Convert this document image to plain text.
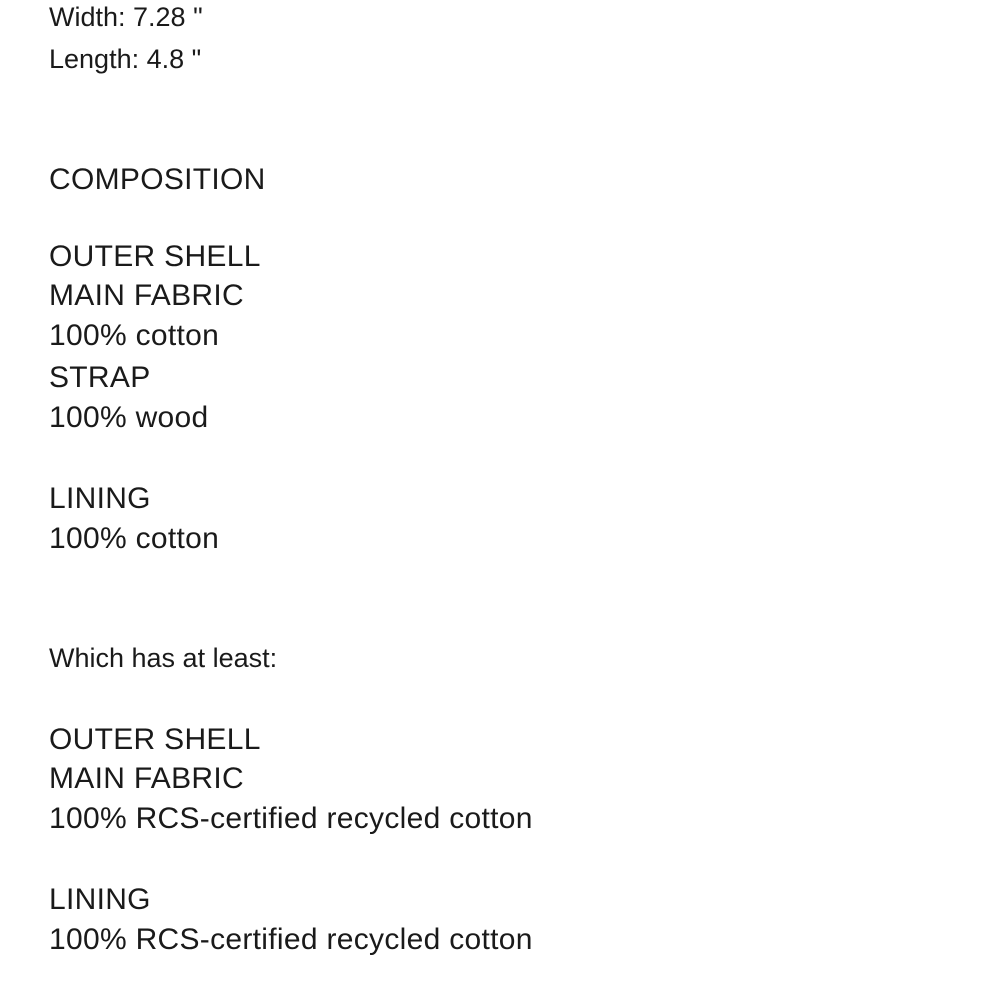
Width: 7.28 "
Length: 4.8 "
COMPOSITION
OUTER SHELL
MAIN FABRIC
100% cotton
STRAP
100% wood
LINING
100% cotton
Which has at least:
OUTER SHELL
MAIN FABRIC
100% RCS-certified recycled cotton
LINING
100% RCS-certified recycled cotton
